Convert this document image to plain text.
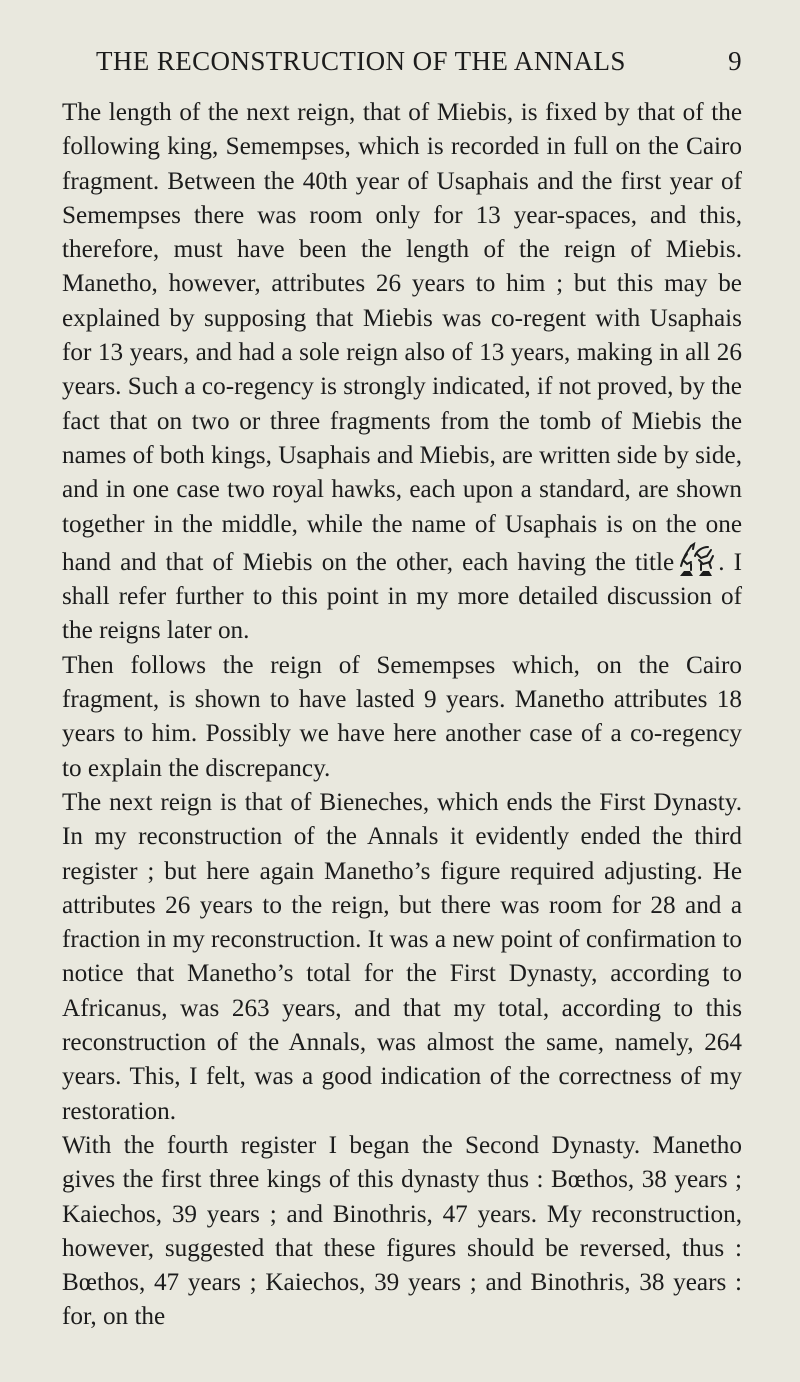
THE RECONSTRUCTION OF THE ANNALS	9

The length of the next reign, that of Miebis, is fixed by that of the following king, Semempses, which is recorded in full on the Cairo fragment. Between the 40th year of Usaphais and the first year of Semempses there was room only for 13 year-spaces, and this, therefore, must have been the length of the reign of Miebis. Manetho, however, attributes 26 years to him ; but this may be explained by supposing that Miebis was co-regent with Usaphais for 13 years, and had a sole reign also of 13 years, making in all 26 years. Such a co-regency is strongly indicated, if not proved, by the fact that on two or three fragments from the tomb of Miebis the names of both kings, Usaphais and Miebis, are written side by side, and in one case two royal hawks, each upon a standard, are shown together in the middle, while the name of Usaphais is on the one hand and that of Miebis on the other, each having the title . I shall refer further to this point in my more detailed discussion of the reigns later on.

Then follows the reign of Semempses which, on the Cairo fragment, is shown to have lasted 9 years. Manetho attributes 18 years to him. Possibly we have here another case of a co-regency to explain the discrepancy.

The next reign is that of Bieneches, which ends the First Dynasty. In my reconstruction of the Annals it evidently ended the third register ; but here again Manetho’s figure required adjusting. He attributes 26 years to the reign, but there was room for 28 and a fraction in my reconstruction. It was a new point of confirmation to notice that Manetho’s total for the First Dynasty, according to Africanus, was 263 years, and that my total, according to this reconstruction of the Annals, was almost the same, namely, 264 years. This, I felt, was a good indication of the correctness of my restoration.

With the fourth register I began the Second Dynasty. Manetho gives the first three kings of this dynasty thus : Bœthos, 38 years ; Kaiechos, 39 years ; and Binothris, 47 years. My reconstruction, however, suggested that these figures should be reversed, thus : Bœthos, 47 years ; Kaiechos, 39 years ; and Binothris, 38 years : for, on the
